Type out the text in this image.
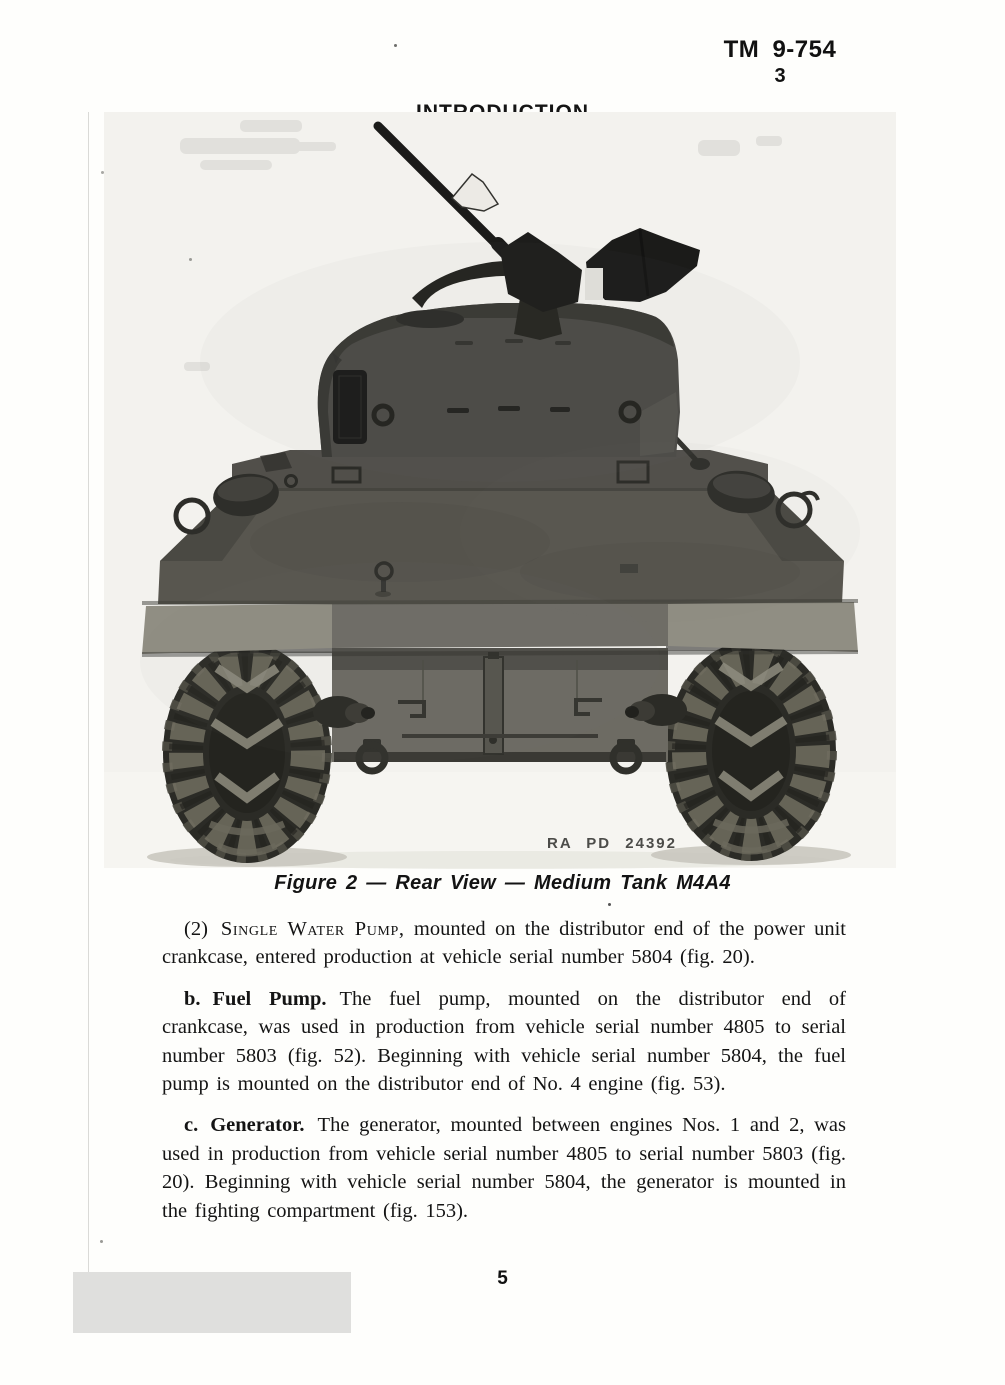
TM 9-754
3
RA PD 24392
Figure 2 — Rear View — Medium Tank M4A4

(2) Single Water Pump, mounted on the distributor end of the power unit crankcase, entered production at vehicle serial number 5804 (fig. 20).

b. Fuel Pump. The fuel pump, mounted on the distributor end of crankcase, was used in production from vehicle serial number 4805 to serial number 5803 (fig. 52). Beginning with vehicle serial number 5804, the fuel pump is mounted on the distributor end of No. 4 engine (fig. 53).

c. Generator. The generator, mounted between engines Nos. 1 and 2, was used in production from vehicle serial number 4805 to serial number 5803 (fig. 20). Beginning with vehicle serial number 5804, the generator is mounted in the fighting compartment (fig. 153).

5
